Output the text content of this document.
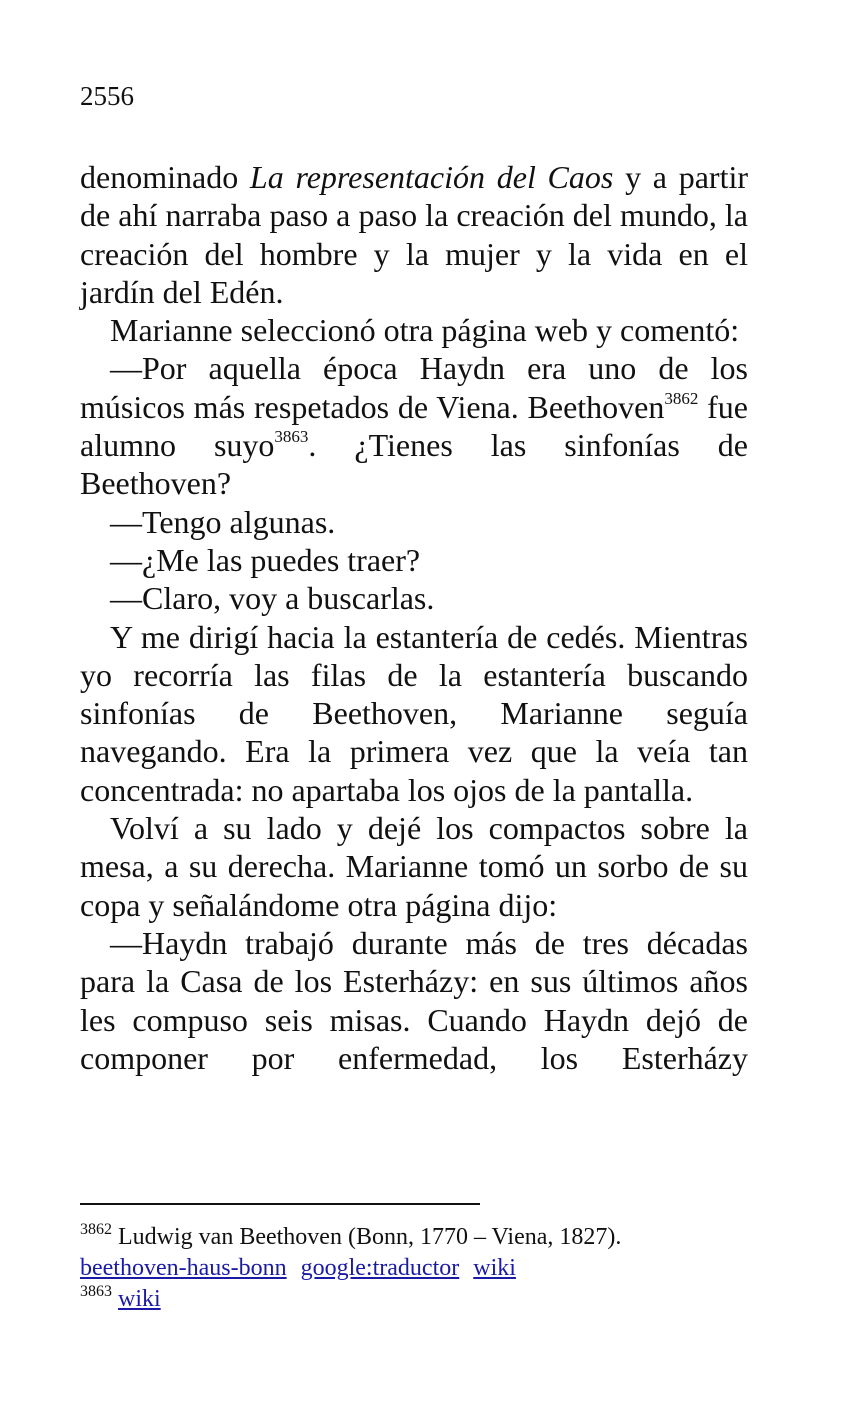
2556

denominado La representación del Caos y a partir de ahí narraba paso a paso la creación del mundo, la creación del hombre y la mujer y la vida en el jardín del Edén.

Marianne seleccionó otra página web y comentó:

—Por aquella época Haydn era uno de los músicos más respetados de Viena. Beethoven$^{3862}$ fue alumno suyo$^{3863}$. ¿Tienes las sinfonías de Beethoven?

—Tengo algunas.

—¿Me las puedes traer?

—Claro, voy a buscarlas.

Y me dirigí hacia la estantería de cedés. Mientras yo recorría las filas de la estantería buscando sinfonías de Beethoven, Marianne seguía navegando. Era la primera vez que la veía tan concentrada: no apartaba los ojos de la pantalla.

Volví a su lado y dejé los compactos sobre la mesa, a su derecha. Marianne tomó un sorbo de su copa y señalándome otra página dijo:

—Haydn trabajó durante más de tres décadas para la Casa de los Esterházy: en sus últimos años les compuso seis misas. Cuando Haydn dejó de componer por enfermedad, los Esterházy

$^{3862}$ Ludwig van Beethoven (Bonn, 1770 – Viena, 1827).

beethoven-haus-bonn google:traductor wiki

$^{3863}$ wiki
